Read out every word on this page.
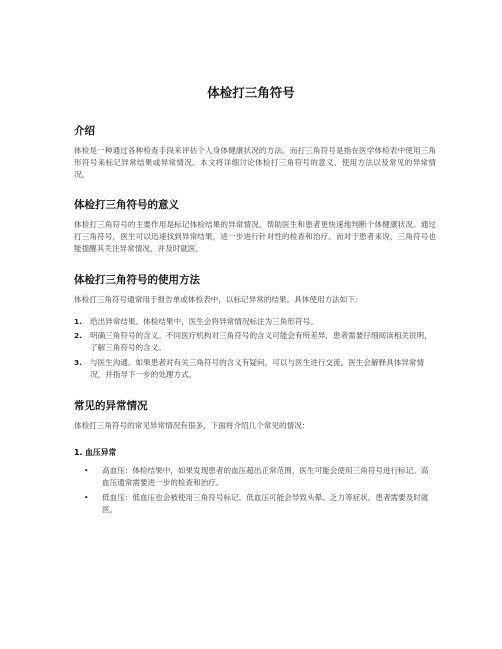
体检打三角符号
介绍

体检是一种通过各种检查手段来评估个人身体健康状况的方法。而打三角符号是指在医学体检表中使用三角形符号来标记异常结果或异常情况。本文将详细讨论体检打三角符号的意义、使用方法以及常见的异常情况。

体检打三角符号的意义

体检打三角符号的主要作用是标记体检结果的异常情况，帮助医生和患者更快速地判断个体健康状况。通过打三角符号，医生可以迅速找到异常结果，进一步进行针对性的检查和治疗。而对于患者来说，三角符号也能提醒其关注异常情况，并及时就医。

体检打三角符号的使用方法

体检打三角符号通常用于报告单或体检表中，以标记异常的结果。具体使用方法如下：

1. 给出异常结果。体检结果中，医生会将异常情况标注为三角形符号。
2. 明确三角符号的含义。不同医疗机构对三角符号的含义可能会有所差异，患者需要仔细阅读相关说明，了解三角符号的含义。
3. 与医生沟通。如果患者对有关三角符号的含义有疑问，可以与医生进行交流。医生会解释具体异常情况，并指导下一步的处理方式。
常见的异常情况

体检打三角符号的常见异常情况有很多，下面将介绍几个常见的情况：

1. 血压异常
• 高血压：体检结果中，如果发现患者的血压超出正常范围，医生可能会使用三角符号进行标记。高血压通常需要进一步的检查和治疗。
• 低血压：低血压也会被使用三角符号标记。低血压可能会导致头晕、乏力等症状，患者需要及时就医。
